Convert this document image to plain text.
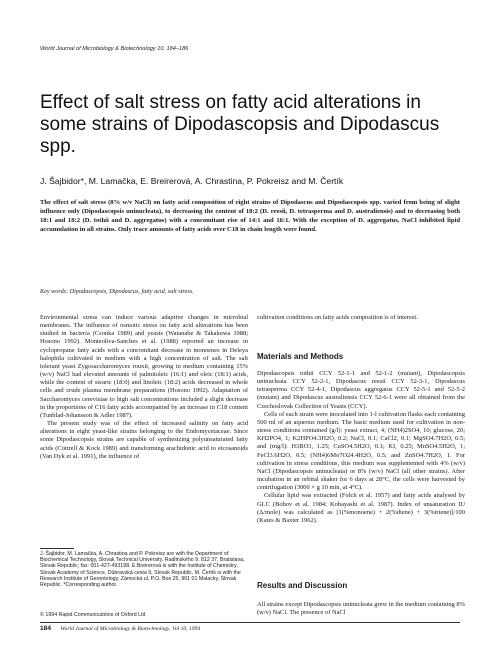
World Journal of Microbiology & Biotechnology 10, 184–186
Effect of salt stress on fatty acid alterations in some strains of Dipodascopsis and Dipodascus spp.
J. Šajbidor*, M. Lamačka, E. Breirerová, A. Chrastina, P. Pokreisz and M. Čertík

The effect of salt stress (8% w/v NaCl) on fatty acid composition of eight strains of Dipodascus and Dipodascopsis spp. varied from being of slight influence only (Dipodascopsis uninucleata), to decreasing the content of 18:2 (D. reesii, D. tetrasperma and D. australiensis) and to decreasing both 18:1 and 18:2 (D. tothii and D. aggregatus) with a concomitant rise of 14:1 and 16:1. With the exception of D. aggregatus, NaCl inhibited lipid accumulation in all strains. Only trace amounts of fatty acids over C18 in chain length were found.

Key words: Dipodascopsis, Dipodascus, fatty acid, salt stress.

Environmental stress can induce various adaptive changes in microbial membranes. The influence of osmotic stress on fatty acid alterations has been studied in bacteria (Csonka 1989) and yeasts (Watanabe & Takakuwa 1988; Hosono 1992). Monteoliva-Sanches et al. (1988) reported an increase in cyclopropane fatty acids with a concomitant decrease in monoenes in Deleya halophila cultivated in medium with a high concentration of salt. The salt tolerant yeast Zygosaccharomyces rouxii, growing in medium containing 15% (w/v) NaCl had elevated amounts of palmitoleic (16:1) and oleic (18:1) acids, while the content of stearic (18:0) and linoleic (18:2) acids decreased in whole cells and crude plasma membrane preparations (Hosono 1992). Adaptation of Saccharomyces cerevisiae to high salt concentrations included a slight decrease in the proportions of C16 fatty acids accompanied by an increase in C18 content (Tunblad-Johansson & Adler 1987).

The present study was of the effect of increased salinity on fatty acid alterations in eight yeast-like strains belonging to the Endomycetaceae. Since some Dipodascopsis strains are capable of synthesizing polyunsaturated fatty acids (Cottrell & Kock 1989) and transforming arachidonic acid to eicosanoids (Van Dyk et al. 1991), the influence of

cultivation conditions on fatty acids composition is of interest.

Materials and Methods

Dipodascopsis tothii CCY 52-1-1 and 52-1-2 (mutant), Dipodascopsis uninucleata CCY 52-2-1, Dipodascus reesii CCY 52-3-1, Dipodascus tetrasperma CCY 52-4-1, Dipodascus aggregatus CCY 52-5-1 and 52-5-2 (mutant) and Dipodascus australiensis CCY 52-6-1 were all obtained from the Czechoslovak Collection of Yeasts (CCY).

Cells of each strain were inoculated into 1-l cultivation flasks each containing 500 ml of an aqueous medium. The basic medium used for cultivation in non-stress conditions contained (g/l): yeast extract, 4; (NH4)2SO4, 10; glucose, 20; KH2PO4, 1; K2HPO4.3H2O, 0.2; NaCl, 0.1; CaCl2, 0.1; MgSO4.7H2O, 0.5; and (mg/l): H3BO3, 1.25; CuSO4.5H2O, 0.1; KI, 0.25; MnSO4.5H2O, 1; FeCl3.6H2O, 0.5; (NH4)6Mo7O24.4H2O, 0.5; and ZnSO4.7H2O, 1. For cultivation in stress conditions, this medium was supplemented with 4% (w/v) NaCl (Dipodascopsis uninucleata) or 8% (w/v) NaCl (all other strains). After incubation in an orbital shaker for 6 days at 28°C, the cells were harvested by centrifugation (3000 × g 10 min, at 4°C).

Cellular lipid was extracted (Folch et al. 1957) and fatty acids analysed by GLC (Bohov et al. 1984; Kobayashi et al. 1987). Index of unsaturation IU (Δ/mole) was calculated as [1(%monoene) + 2(%diene) + 3(%triene)]/100 (Kates & Baxter 1962).

Results and Discussion

All strains except Dipodascopsis uninucleata grew in the medium containing 8% (w/v) NaCl. The presence of NaCl

J. Šajbidor, M. Lamačka, A. Chrastina and P. Pokreisz are with the Department of Biochemical Technology, Slovak Technical University, Radlinského 9, 812 37, Bratislava, Slovak Republic; fax: 001-427-493198. E.Breirerová is with the Institute of Chemistry, Slovak Academy of Science, Dúbravská cesta 9, Slovak Republic. M. Čertík is with the Research Institute of Gerontology, Zámocká ul, P.O. Box 25, 901 01 Malacky, Slovak Republic. *Corresponding author.
© 1994 Rapid Communications of Oxford Ltd
184 World Journal of Microbiology & Biotechnology, Vol 10, 1994
